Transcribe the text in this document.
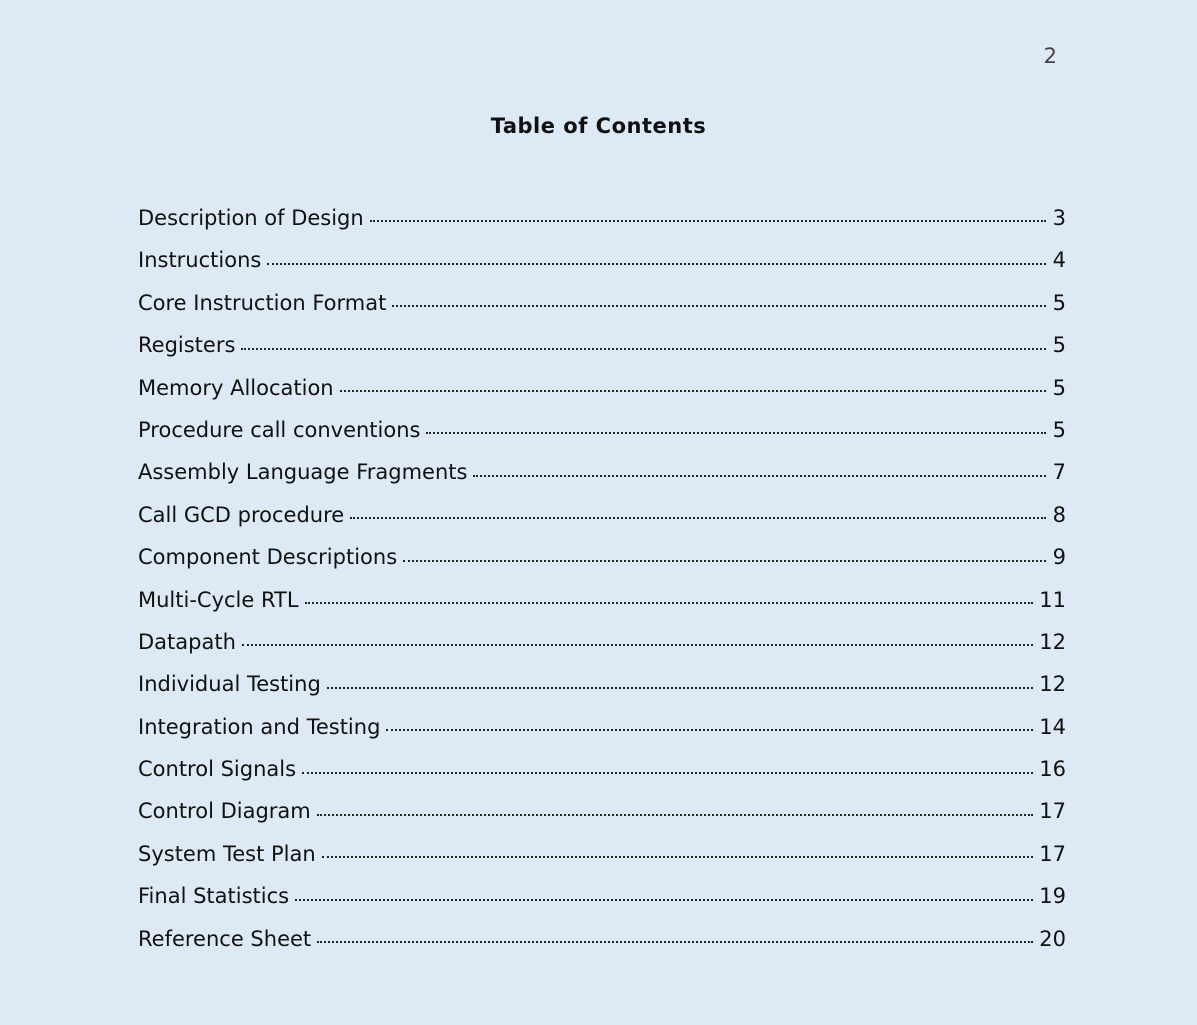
2
Table of Contents
Description of Design	3
Instructions	4
Core Instruction Format	5
Registers	5
Memory Allocation	5
Procedure call conventions	5
Assembly Language Fragments	7
Call GCD procedure	8
Component Descriptions	9
Multi-Cycle RTL	11
Datapath	12
Individual Testing	12
Integration and Testing	14
Control Signals	16
Control Diagram	17
System Test Plan	17
Final Statistics	19
Reference Sheet	20
